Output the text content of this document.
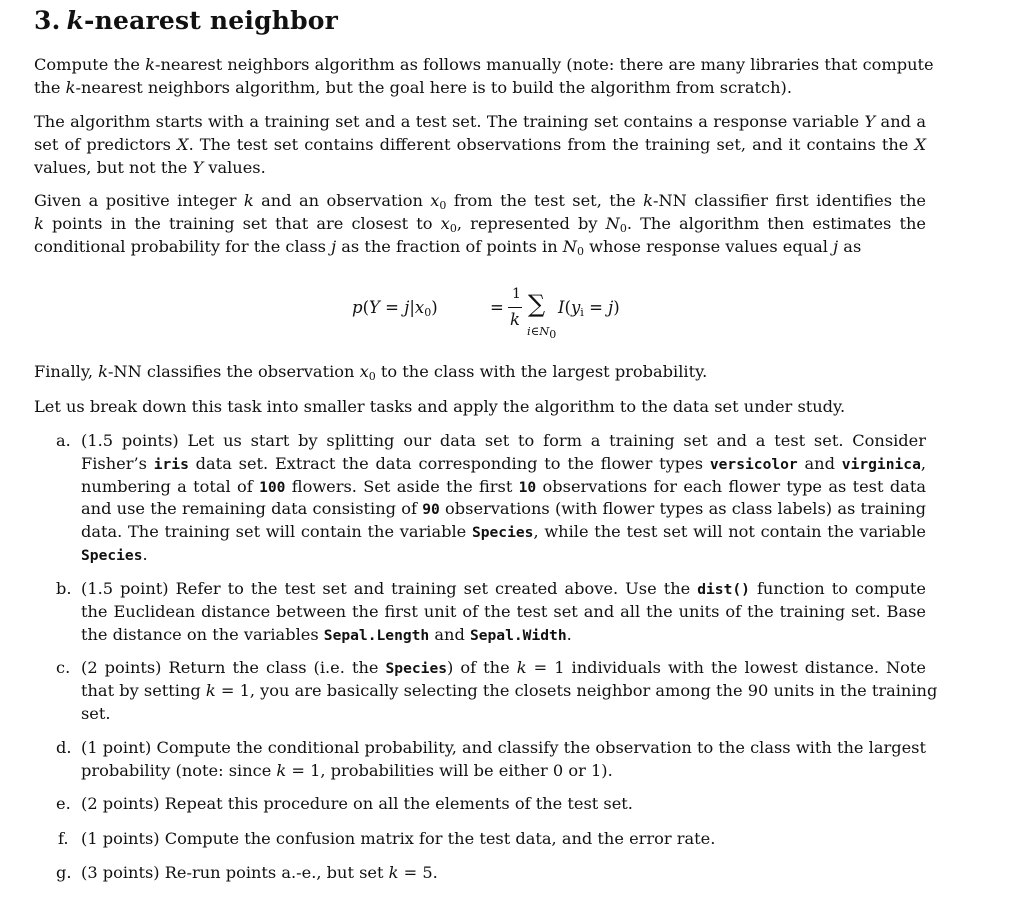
3. k-nearest neighbor
Compute the k-nearest neighbors algorithm as follows manually (note: there are many libraries that compute
the k-nearest neighbors algorithm, but the goal here is to build the algorithm from scratch).
The algorithm starts with a training set and a test set. The training set contains a response variable Y and a
set of predictors X. The test set contains different observations from the training set, and it contains the X
values, but not the Y values.
Given a positive integer k and an observation $x_0$ from the test set, the k-NN classifier first identifies the
k points in the training set that are closest to $x_0$, represented by $N_0$. The algorithm then estimates the
conditional probability for the class j as the fraction of points in $N_0$ whose response values equal j as
$p(Y = j|x_0)$	=
1
k
∑
i∈N0
$I(y_i = j)$
Finally, k-NN classifies the observation $x_0$ to the class with the largest probability.
Let us break down this task into smaller tasks and apply the algorithm to the data set under study.
a. (1.5 points) Let us start by splitting our data set to form a training set and a test set. Consider
Fisher’s iris data set. Extract the data corresponding to the flower types versicolor and virginica,
numbering a total of 100 flowers. Set aside the first 10 observations for each flower type as test data
and use the remaining data consisting of 90 observations (with flower types as class labels) as training
data. The training set will contain the variable Species, while the test set will not contain the variable
Species.
b. (1.5 point) Refer to the test set and training set created above. Use the dist() function to compute
the Euclidean distance between the first unit of the test set and all the units of the training set. Base
the distance on the variables Sepal.Length and Sepal.Width.
c. (2 points) Return the class (i.e. the Species) of the k = 1 individuals with the lowest distance. Note
that by setting k = 1, you are basically selecting the closets neighbor among the 90 units in the training
set.
d. (1 point) Compute the conditional probability, and classify the observation to the class with the largest
probability (note: since k = 1, probabilities will be either 0 or 1).
e. (2 points) Repeat this procedure on all the elements of the test set.
f. (1 points) Compute the confusion matrix for the test data, and the error rate.
g. (3 points) Re-run points a.-e., but set k = 5.
